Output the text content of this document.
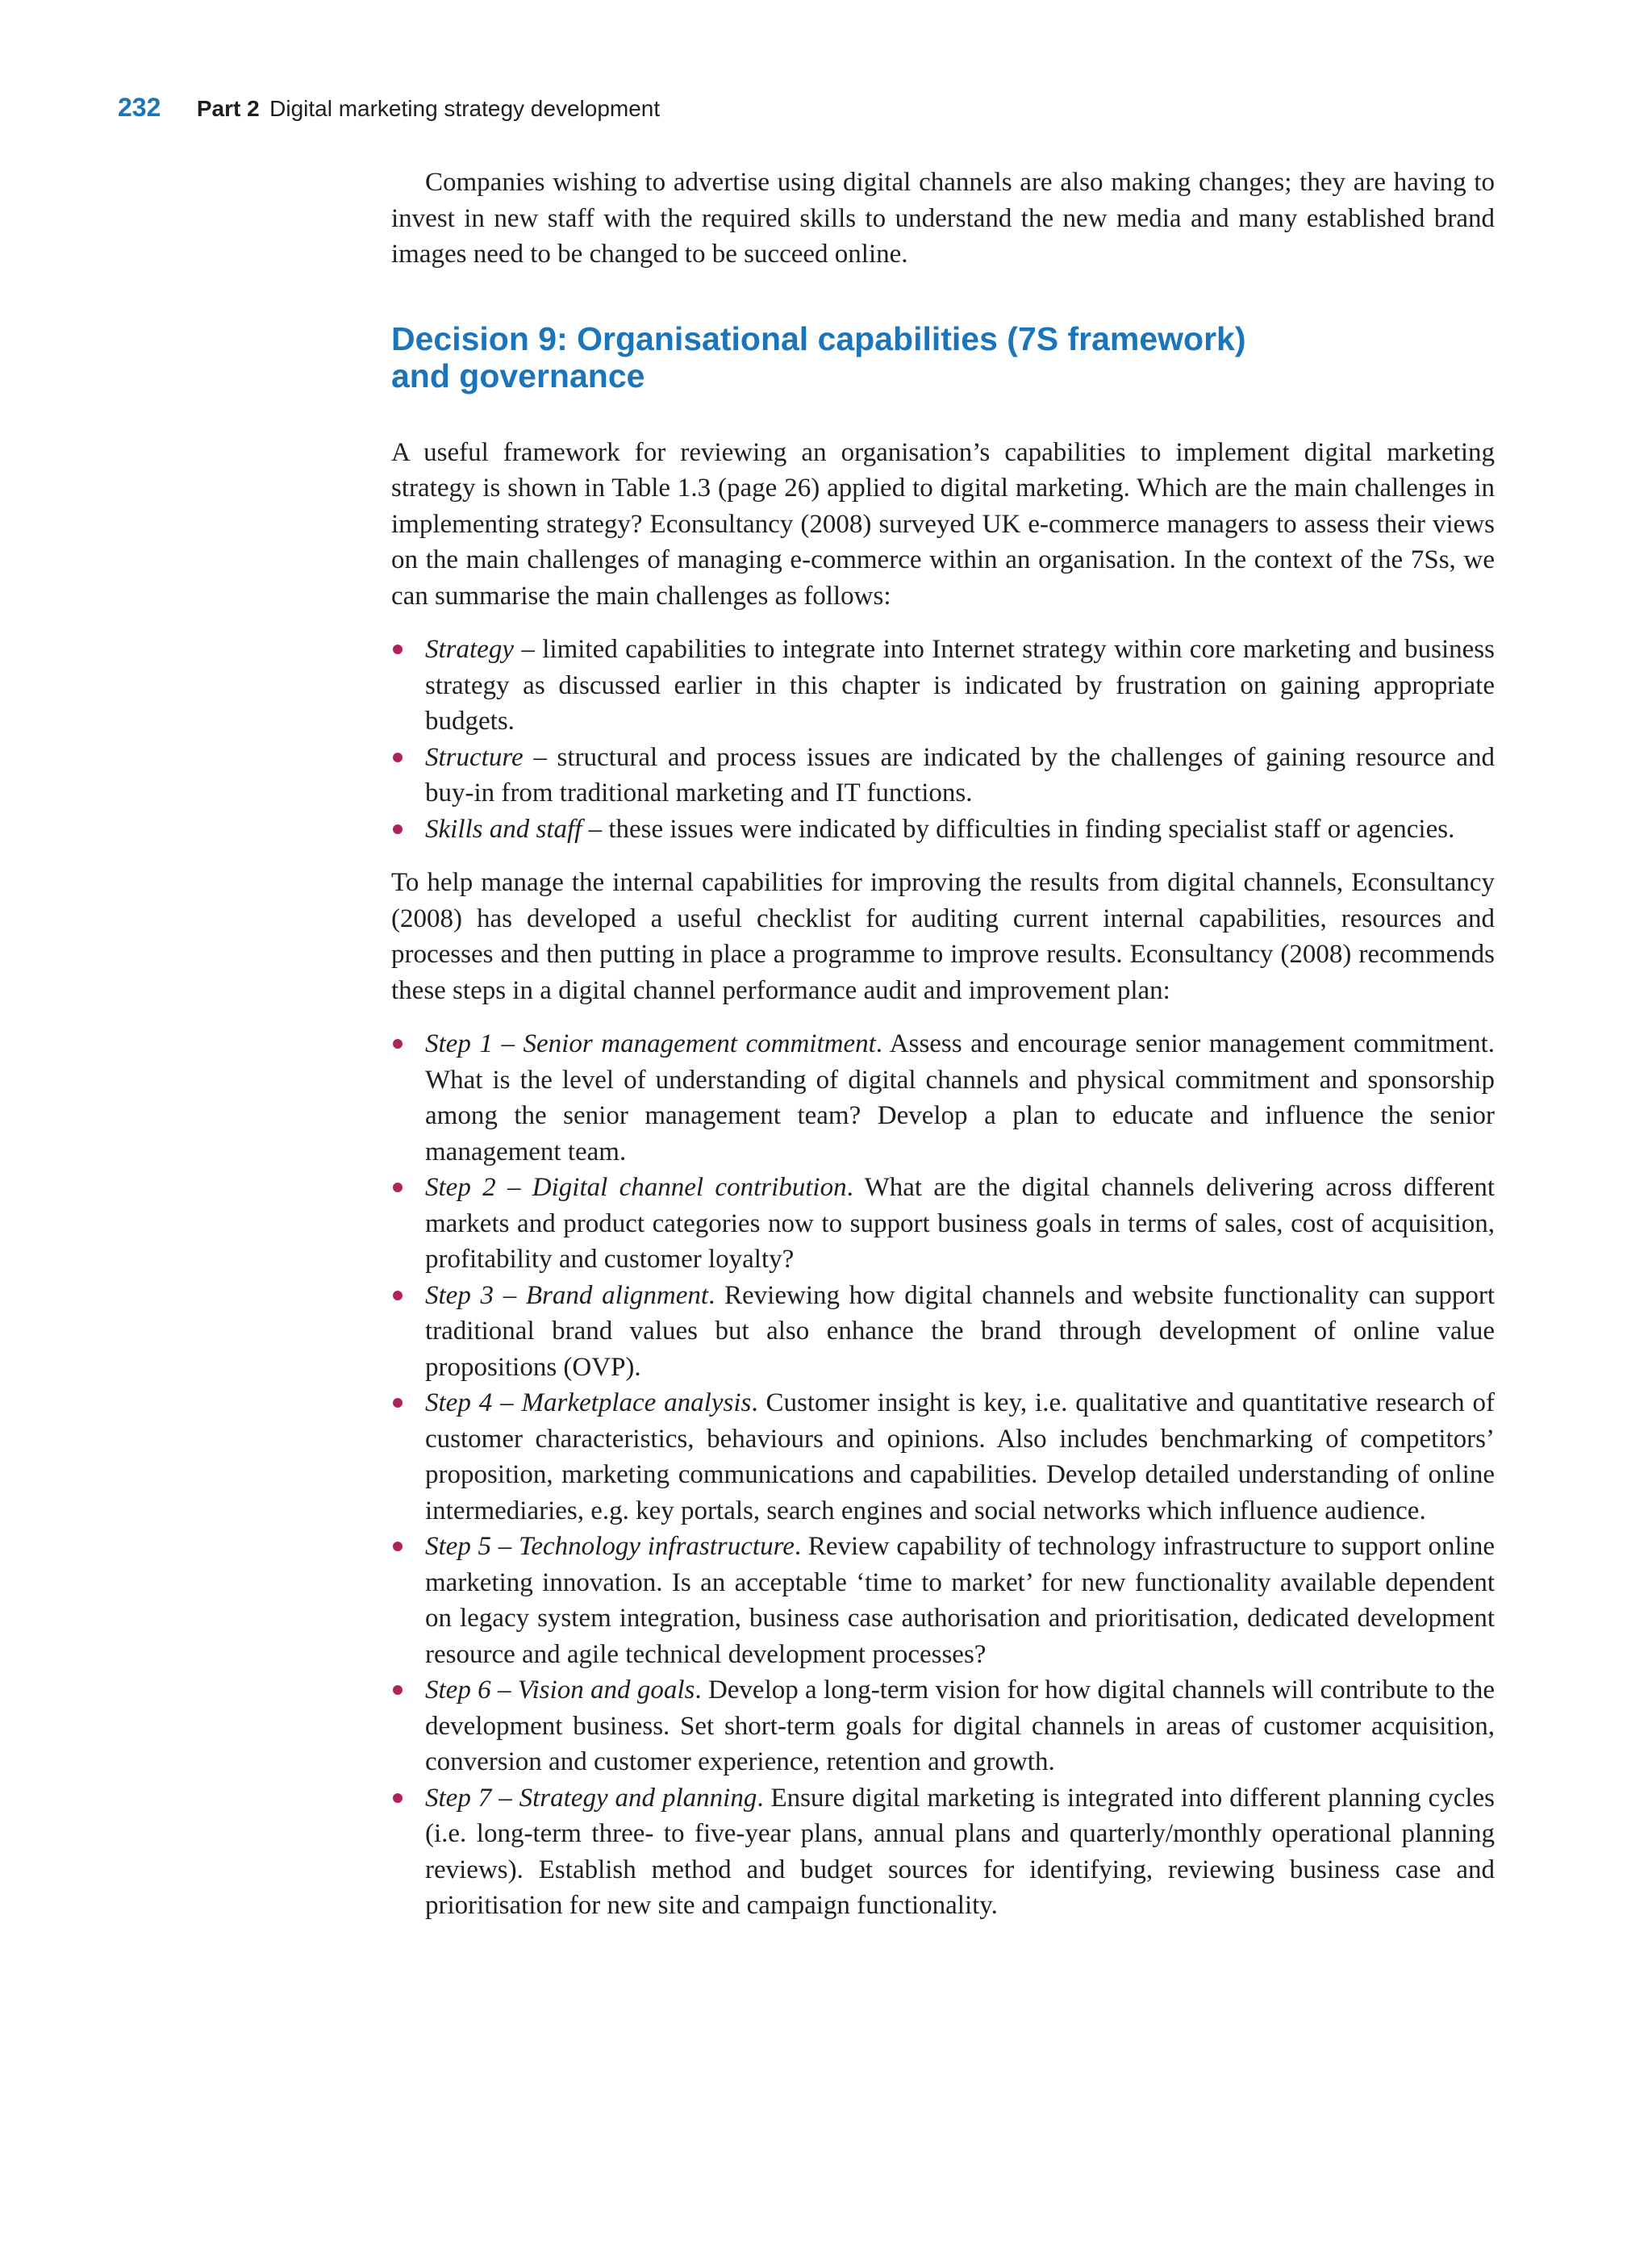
232 Part 2 Digital marketing strategy development

Companies wishing to advertise using digital channels are also making changes; they are having to invest in new staff with the required skills to understand the new media and many established brand images need to be changed to be succeed online.

Decision 9: Organisational capabilities (7S framework)
and governance

A useful framework for reviewing an organisation’s capabilities to implement digital marketing strategy is shown in Table 1.3 (page 26) applied to digital marketing. Which are the main challenges in implementing strategy? Econsultancy (2008) surveyed UK e-commerce managers to assess their views on the main challenges of managing e-commerce within an organisation. In the context of the 7Ss, we can summarise the main challenges as follows:

Strategy – limited capabilities to integrate into Internet strategy within core marketing and business strategy as discussed earlier in this chapter is indicated by frustration on gaining appropriate budgets.
Structure – structural and process issues are indicated by the challenges of gaining resource and buy-in from traditional marketing and IT functions.
Skills and staff – these issues were indicated by difficulties in finding specialist staff or agencies.

To help manage the internal capabilities for improving the results from digital channels, Econsultancy (2008) has developed a useful checklist for auditing current internal capabilities, resources and processes and then putting in place a programme to improve results. Econsultancy (2008) recommends these steps in a digital channel performance audit and improvement plan:

Step 1 – Senior management commitment. Assess and encourage senior management commitment. What is the level of understanding of digital channels and physical commitment and sponsorship among the senior management team? Develop a plan to educate and influence the senior management team.
Step 2 – Digital channel contribution. What are the digital channels delivering across different markets and product categories now to support business goals in terms of sales, cost of acquisition, profitability and customer loyalty?
Step 3 – Brand alignment. Reviewing how digital channels and website functionality can support traditional brand values but also enhance the brand through development of online value propositions (OVP).
Step 4 – Marketplace analysis. Customer insight is key, i.e. qualitative and quantitative research of customer characteristics, behaviours and opinions. Also includes benchmarking of competitors’ proposition, marketing communications and capabilities. Develop detailed understanding of online intermediaries, e.g. key portals, search engines and social networks which influence audience.
Step 5 – Technology infrastructure. Review capability of technology infrastructure to support online marketing innovation. Is an acceptable ‘time to market’ for new functionality available dependent on legacy system integration, business case authorisation and prioritisation, dedicated development resource and agile technical development processes?
Step 6 – Vision and goals. Develop a long-term vision for how digital channels will contribute to the development business. Set short-term goals for digital channels in areas of customer acquisition, conversion and customer experience, retention and growth.
Step 7 – Strategy and planning. Ensure digital marketing is integrated into different planning cycles (i.e. long-term three- to five-year plans, annual plans and quarterly/monthly operational planning reviews). Establish method and budget sources for identifying, reviewing business case and prioritisation for new site and campaign functionality.
